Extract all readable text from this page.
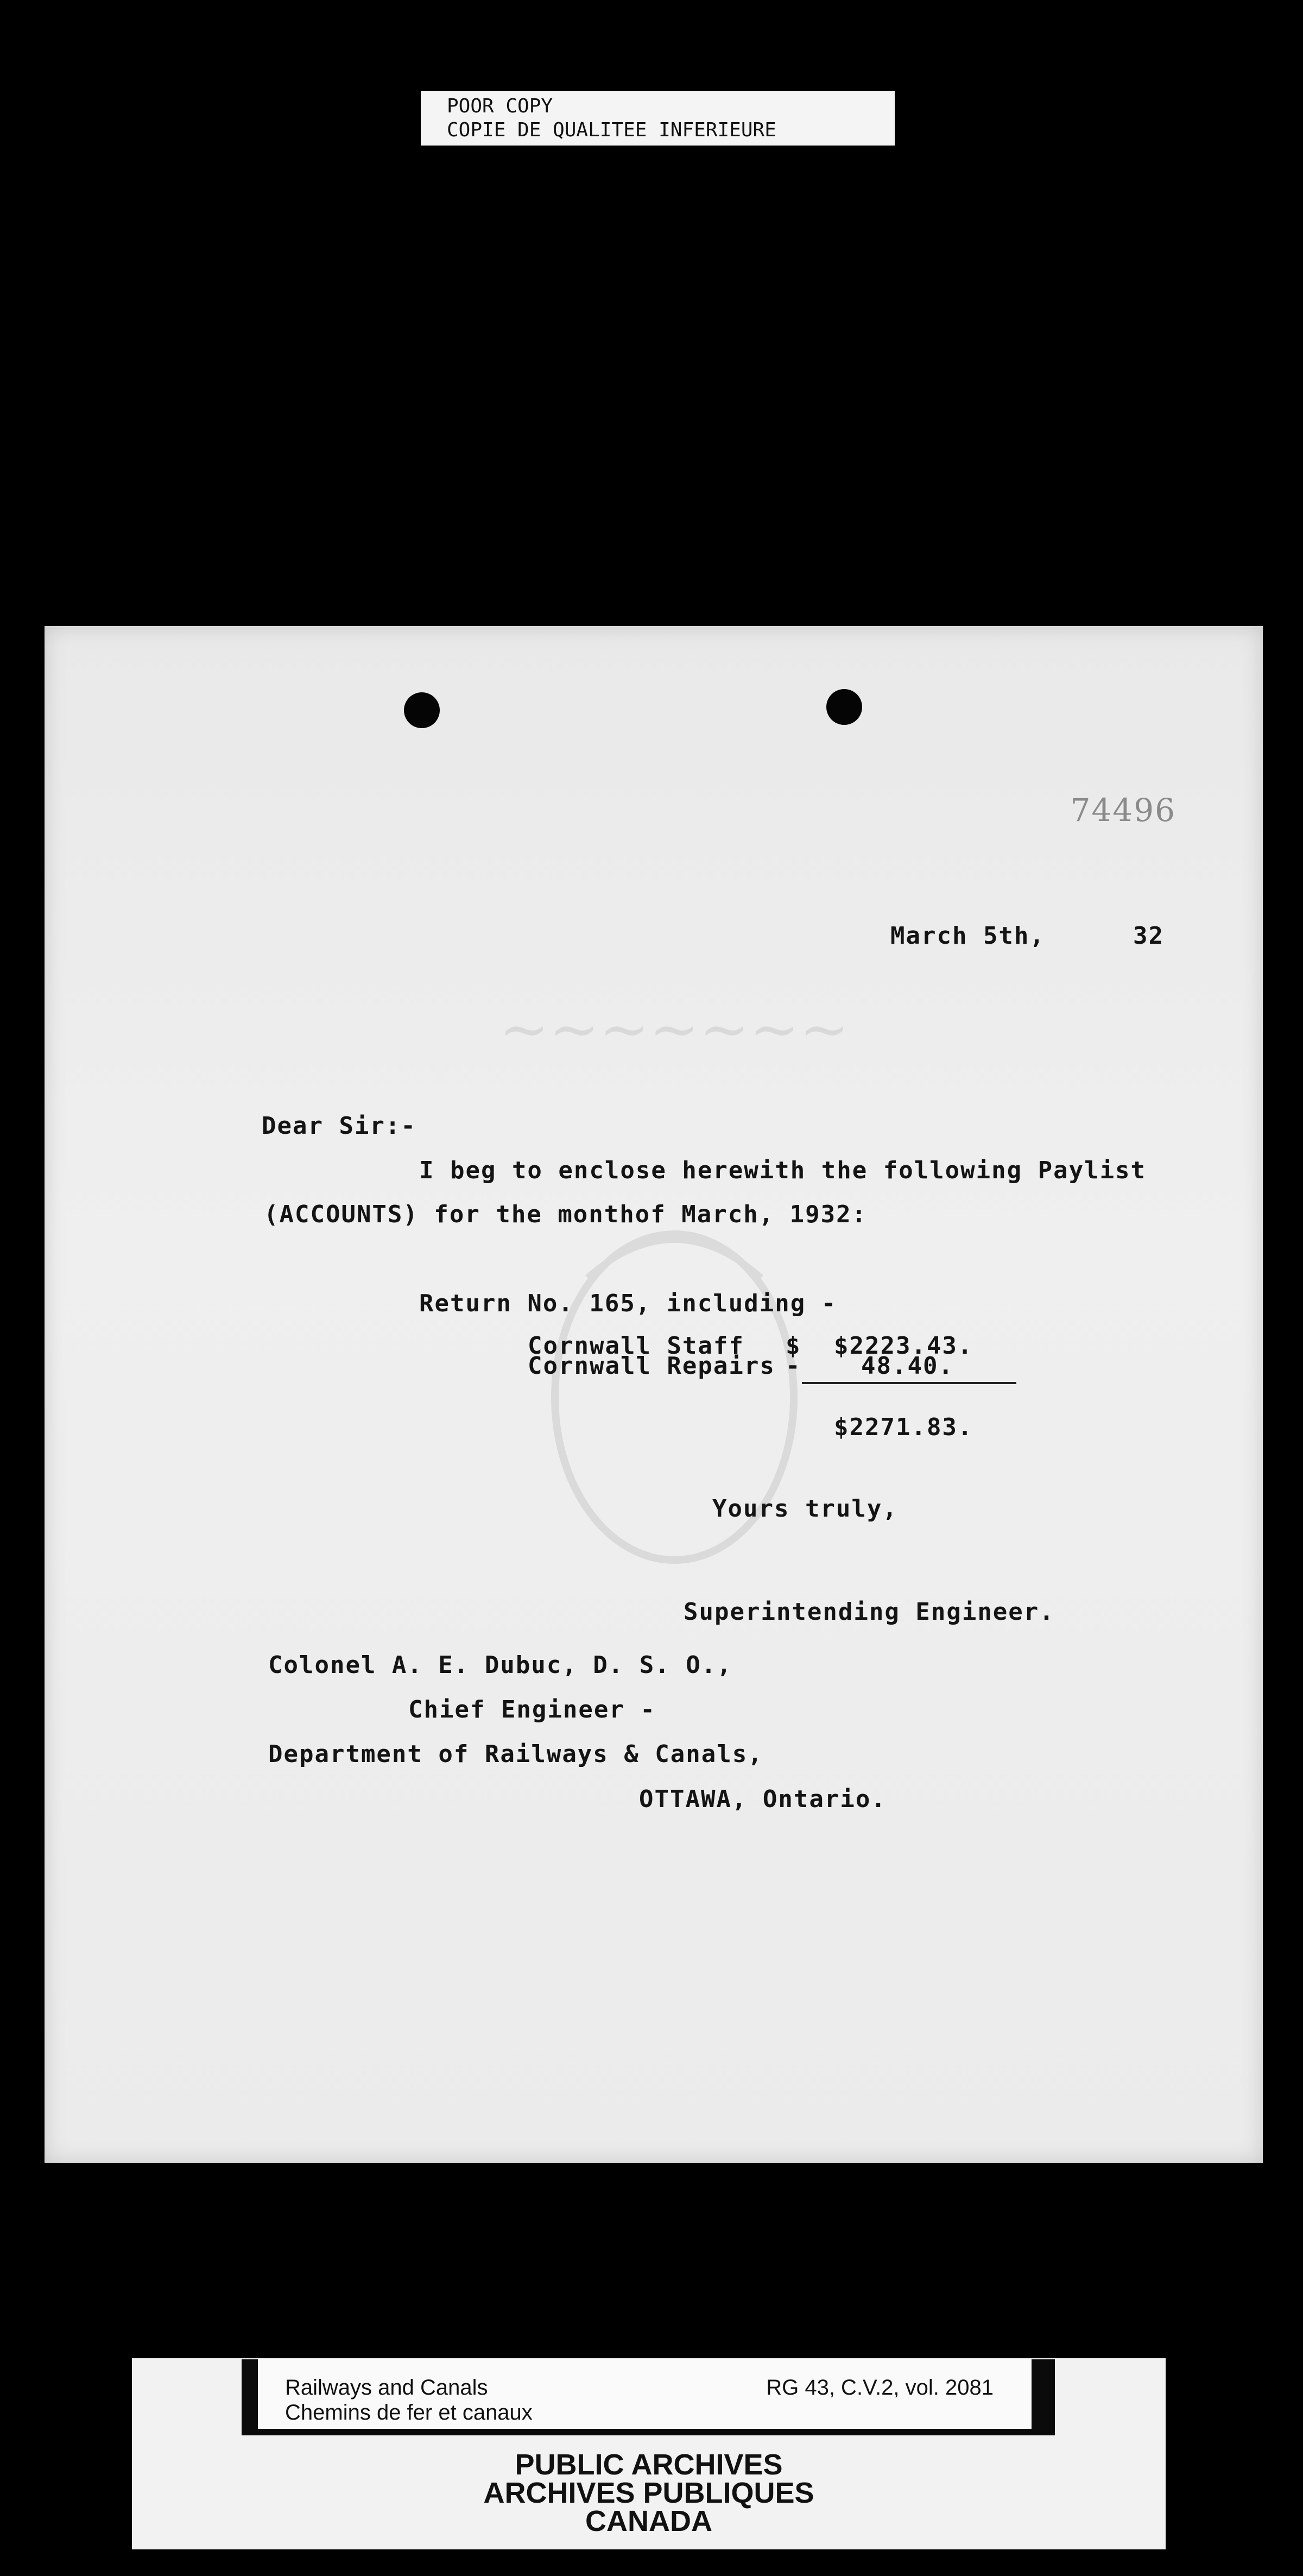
POOR COPY
COPIE DE QUALITEE INFERIEURE
~~~~~~~
74496
March 5th,	32
Dear Sir:-
I beg to enclose herewith the following Paylist
(ACCOUNTS) for the monthof March, 1932:
Return No. 165, including -
Cornwall Staff $ $2223.43.
Cornwall Repairs -	48.40.
$2271.83.
Yours truly,
Superintending Engineer.
Colonel A. E. Dubuc, D. S. O.,
Chief Engineer -
Department of Railways & Canals,
OTTAWA, Ontario.
Railways and Canals
Chemins de fer et canaux
RG 43, C.V.2, vol. 2081
PUBLIC ARCHIVES
ARCHIVES PUBLIQUES
CANADA
